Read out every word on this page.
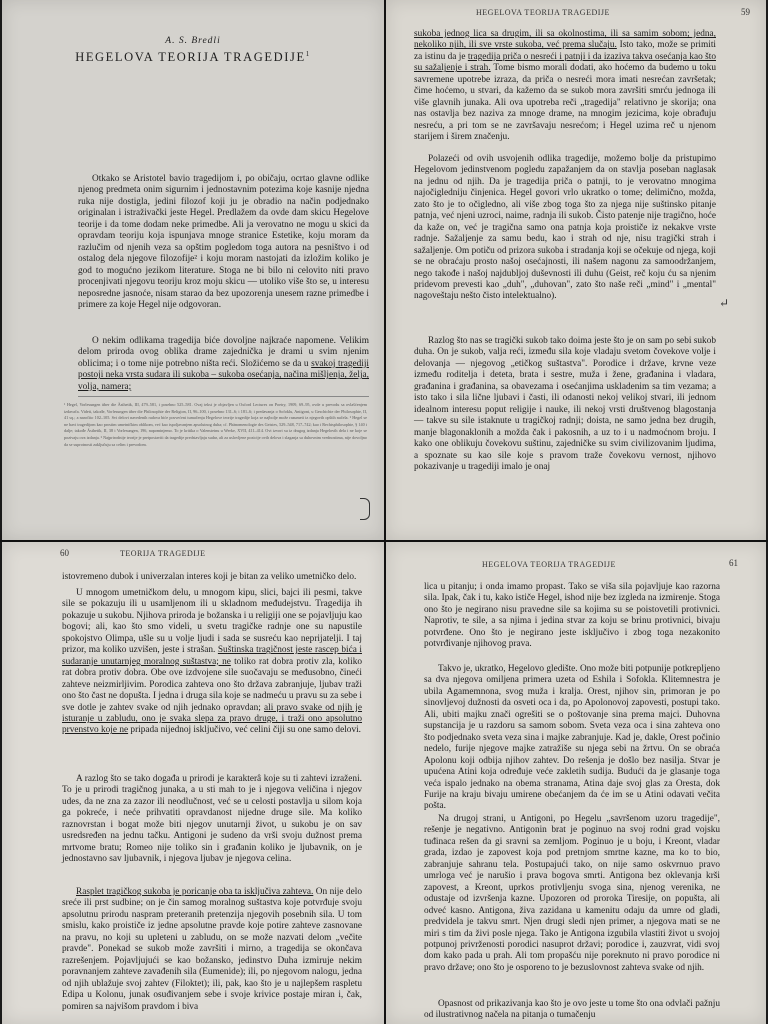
A. S. Bredli
HEGELOVA TEORIJA TRAGEDIJE$^1$

Otkako se Aristotel bavio tragedijom i, po običaju, ocrtao glavne odlike njenog predmeta onim sigurnim i jednostavnim potezima koje kasnije njedna ruka nije dostigla, jedini filozof koji ju je obradio na način podjednako originalan i istraživački jeste Hegel. Predlažem da ovde dam skicu Hegelove teorije i da tome dodam neke primedbe. Ali ja verovatno ne mogu u skici da opravdam teoriju koja ispunjava mnoge stranice Estetike, koju moram da razlučim od njenih veza sa opštim pogledom toga autora na pesništvo i od ostalog dela njegove filozofije² i koju moram nastojati da izložim koliko je god to mogućno jezikom literature. Stoga ne bi bilo ni celovito niti pravo procenjivati njegovu teoriju kroz moju skicu — utoliko više što se, u interesu neposredne jasnoće, nisam starao da bez upozorenja unesem razne primedbe i primere za koje Hegel nije odgovoran.

O nekim odlikama tragedija biće dovoljne najkraće napomene. Velikim delom priroda ovog oblika drame zajednička je drami u svim njenim oblicima; i o tome nije potrebno ništa reći. Složićemo se da u svakoj tragediji postoji neka vrsta sudara ili sukoba – sukoba osećanja, načina mišljenja, želja, volja, namera;

¹ Hegel, Vorlesungen über die Ästhetik, III, 479–581, i posebno 525–581. Ovaj tekst je objavljen u Oxford Lectures on Poetry, 1909, 69–95, ovde u prevodu sa ovlašćenjem izdavača. Videti, takođe, Vorlesungen über die Philosophie der Religion, II, 96–100, i posebno 131–6; i 181–6; i predavanja o Sofoklu, Antigoni, u Geschichte der Philosophie, II, 41 sq.; a naročito 102–105. Svi delovi navedenih radova biće posvećeni tumačenju Hegelove teorije tragedije koja se najbolje može razumeti iz njegovih opštih načela. ² Hegel se ne bavi tragedijom kao prostim umetničkim oblikom, već kao ispoljavanjem apsolutnog duha; cf. Phänomenologie des Geistes, 529–548, 717–742; kao i Rechtsphilosophie, § 140 i dalje; takođe Ästhetik, II, 38 i Vorlesungen, 196, napominjemo. To je kritika o Valensteinu u Werke, XVII, 411–414. Ovi izvori su iz drugog izdanja Hegelovih dela i ne koje se pozivaju ova izdanja. ³ Najprirodnije teorije je pretpostaviti da tragedije predstavljaju sudar, ali za uslovljene pozicije ovih delova i slaganja sa duhovnim vrednostima, nije dovoljno da se suprotnosti zaključuju sa celim i prevodom.
HEGELOVA TEORIJA TRAGEDIJE	59

sukoba jednog lica sa drugim, ili sa okolnostima, ili sa samim sobom; jedna, nekoliko njih, ili sve vrste sukoba, već prema slučaju. Isto tako, može se primiti za istinu da je tragedija priča o nesreći i patnji i da izaziva takva osećanja kao što su sažaljenje i strah. Tome bismo morali dodati, ako hoćemo da budemo u toku savremene upotrebe izraza, da priča o nesreći mora imati nesrećan završetak; čime hoćemo, u stvari, da kažemo da se sukob mora završiti smrću jednoga ili više glavnih junaka. Ali ova upotreba reči „tragedija" relativno je skorija; ona nas ostavlja bez naziva za mnoge drame, na mnogim jezicima, koje obrađuju nesreću, a pri tom se ne završavaju nesrećom; i Hegel uzima reč u njenom starijem i širem značenju.

Polazeći od ovih usvojenih odlika tragedije, možemo bolje da pristupimo Hegelovom jedinstvenom pogledu zapažanjem da on stavlja poseban naglasak na jednu od njih. Da je tragedija priča o patnji, to je verovatno mnogima najočigledniju činjenica. Hegel govori vrlo ukratko o tome; delimično, možda, zato što je to očigledno, ali više zbog toga što za njega nije suštinsko pitanje patnja, već njeni uzroci, naime, radnja ili sukob. Čisto patenje nije tragično, hoće da kaže on, već je tragična samo ona patnja koja proističe iz nekakve vrste radnje. Sažaljenje za samu bedu, kao i strah od nje, nisu tragički strah i sažaljenje. Om potiču od prizora sukoba i stradanja koji se očekuje od njega, koji se ne obraćaju prosto našoj osećajnosti, ili našem nagonu za samoodržanjem, nego takođe i našoj najdubljoj duševnosti ili duhu (Geist, reč koju ću sa njenim pridevom prevesti kao „duh", „duhovan", zato što naše reči „mind" i „mental" nagoveštaju nešto čisto intelektualno).	↵

Razlog što nas se tragički sukob tako doima jeste što je on sam po sebi sukob duha. On je sukob, valja reći, između sila koje vladaju svetom čovekove volje i delovanja — njegovog „etičkog suštastva". Porodice i države, krvne veze između roditelja i deteta, brata i sestre, muža i žene, građanina i vladara, građanina i građanina, sa obavezama i osećanjima uskladenim sa tim vezama; a isto tako i sila lične ljubavi i časti, ili odanosti nekoj velikoj stvari, ili jednom idealnom interesu poput religije i nauke, ili nekoj vrsti društvenog blagostanja — takve su sile istaknute u tragičkoj radnji; doista, ne samo jedna bez drugih, manje blagonaklonih a možda čak i pakosnih, a uz to i u nadmoćnom broju. I kako one oblikuju čovekovu suštinu, zajedničke su svim civilizovanim ljudima, a spoznate su kao sile koje s pravom traže čovekovu vernost, njihovo pokazivanje u tragediji imalo je onaj

60	TEORIJA TRAGEDIJE

istovremeno dubok i univerzalan interes koji je bitan za veliko umetničko delo.

U mnogom umetničkom delu, u mnogom kipu, slici, bajci ili pesmi, takve sile se pokazuju ili u usamljenom ili u skladnom međudejstvu. Tragedija ih pokazuje u sukobu. Njihova priroda je božanska i u religiji one se pojavljuju kao bogovi; ali, kao što smo videli, u svetu tragičke radnje one su napustile spokojstvo Olimpa, ušle su u volje ljudi i sada se susreću kao neprijatelji. I taj prizor, ma koliko uzvišen, jeste i strašan. Suštinska tragičnost jeste rascep bića i sudaranje unutarnjeg moralnog suštastva; ne toliko rat dobra protiv zla, koliko rat dobra protiv dobra. Obe ove izdvojene sile suočavaju se međusobno, čineći zahteve neizmirljivim. Porodica zahteva ono što država zabranjuje, ljubav traži ono što čast ne dopušta. I jedna i druga sila koje se nadmeću u pravu su za sebe i sve dotle je zahtev svake od njih jednako opravdan; ali pravo svake od njih je isturanje u zabludu, ono je svaka slepa za pravo druge, i traži ono apsolutno prvenstvo koje ne pripada nijednoj isključivo, već celini čiji su one samo delovi.

A razlog što se tako događa u prirodi je karakterâ koje su ti zahtevi izraženi. To je u prirodi tragičnog junaka, a u sti mah to je i njegova veličina i njegov udes, da ne zna za zazor ili neodlučnost, već se u celosti postavlja u silom koja ga pokreće, i neće prihvatiti opravdanost nijedne druge sile. Ma koliko raznovrstan i bogat može biti njegov unutarnji život, u sukobu je on sav usredsređen na jednu tačku. Antigoni je sudeno da vrši svoju dužnost prema mrtvome bratu; Romeo nije toliko sin i građanin koliko je ljubavnik, on je jednostavno sav ljubavnik, i njegova ljubav je njegova celina.

Rasplet tragičkog sukoba je poricanje oba ta isključiva zahteva. On nije delo sreće ili prst sudbine; on je čin samog moralnog suštastva koje potvrđuje svoju apsolutnu prirodu naspram preteranih pretenzija njegovih posebnih sila. U tom smislu, kako proističe iz jedne apsolutne pravde koje potire zahteve zasnovane na pravu, no koji su upleteni u zabludu, on se može nazvati delom „večite pravde". Ponekad se sukob može završiti i mirno, a tragedija se okončava razrešenjem. Pojavljujući se kao božansko, jedinstvo Duha izmiruje nekim poravnanjem zahteve zavađenih sila (Eumenide); ili, po njegovom nalogu, jedna od njih ublažuje svoj zahtev (Filoktet); ili, pak, kao što je u najlepšem raspletu Edipa u Kolonu, junak osuđivanjem sebe i svoje krivice postaje miran i, čak, pomiren sa najvišom pravdom i biva

HEGELOVA TEORIJA TRAGEDIJE	61

lica u pitanju; i onda imamo propast. Tako se viša sila pojavljuje kao razorna sila. Ipak, čak i tu, kako ističe Hegel, ishod nije bez izgleda na izmirenje. Stoga ono što je negirano nisu pravedne sile sa kojima su se poistovetili protivnici. Naprotiv, te sile, a sa njima i jedina stvar za koju se brinu protivnici, bivaju potvrđene. Ono što je negirano jeste isključivo i zbog toga nezakonito potvrđivanje njihovog prava.

Takvo je, ukratko, Hegelovo gledište. Ono može biti potpunije potkrepljeno sa dva njegova omiljena primera uzeta od Eshila i Sofokla. Klitemnestra je ubila Agamemnona, svog muža i kralja. Orest, njihov sin, primoran je po sinovljevoj dužnosti da osveti oca i da, po Apolonovoj zapovesti, postupi tako. Ali, ubiti majku znači ogrešiti se o poštovanje sina prema majci. Duhovna supstancija je u razdoru sa samom sobom. Sveta veza oca i sina zahteva ono što podjednako sveta veza sina i majke zabranjuje. Kad je, dakle, Orest počinio nedelo, furije njegove majke zatražiše su njega sebi na žrtvu. On se obraća Apolonu koji odbija njihov zahtev. Do rešenja je došlo bez nasilja. Stvar je upućena Atini koja određuje veće zakletih sudija. Budući da je glasanje toga veća ispalo jednako na obema stranama, Atina daje svoj glas za Oresta, dok Furije na kraju bivaju umirene obećanjem da će im se u Atini odavati večita pošta.

Na drugoj strani, u Antigoni, po Hegelu „savršenom uzoru tragedije", rešenje je negativno. Antigonin brat je poginuo na svoj rodni grad vojsku tuđinaca rešen da gi sravni sa zemljom. Poginuo je u boju, i Kreont, vladar grada, izdao je zapovest koja pod pretnjom smrtne kazne, ma ko to bio, zabranjuje sahranu tela. Postupajući tako, on nije samo oskvrnuo pravo umrloga već je narušio i prava bogova smrti. Antigona bez oklevanja krši zapovest, a Kreont, uprkos protivljenju svoga sina, njenog verenika, ne odustaje od izvršenja kazne. Upozoren od proroka Tiresije, on popušta, ali odveć kasno. Antigona, živa zazidana u kamenitu odaju da umre od gladi, predvidela je takvu smrt. Njen drugi sledi njen primer, a njegova mati se ne miri s tim da živi posle njega. Tako je Antigona izgubila vlastiti život u svojoj potpunoj privrženosti porodici nasuprot državi; porodice i, zauzvrat, vidi svoj dom kako pada u prah. Ali tom propašću nije poreknuto ni pravo porodice ni pravo države; ono što je osporeno to je bezuslovnost zahteva svake od njih.

Opasnost od prikazivanja kao što je ovo jeste u tome što ona odvlači pažnju od ilustrativnog načela na pitanja o tumačenju
